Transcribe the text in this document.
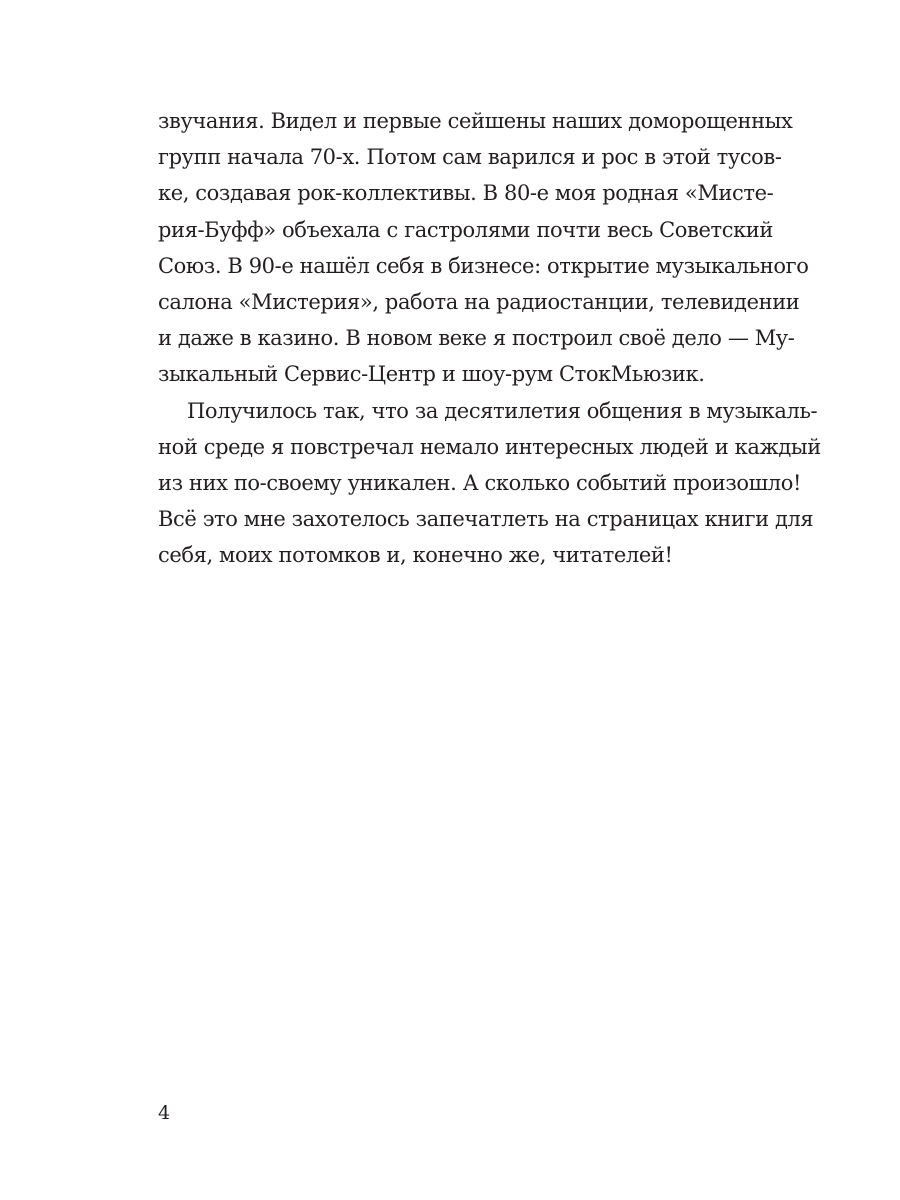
звучания. Видел и первые сейшены наших доморощенных
групп начала 70-х. Потом сам варился и рос в этой тусов-
ке, создавая рок-коллективы. В 80-е моя родная «Мистe-
рия-Буфф» объехала с гастролями почти весь Советский
Союз. В 90-е нашёл себя в бизнесе: открытие музыкального
салона «Мистерия», работа на радиостанции, телевидении
и даже в казино. В новом веке я построил своё дело — Му-
зыкальный Сервис-Центр и шоу-рум СтокМьюзик.
Получилось так, что за десятилетия общения в музыкаль-
ной среде я повстречал немало интересных людей и каждый
из них по-своему уникален. А сколько событий произошло!
Всё это мне захотелось запечатлеть на страницах книги для
себя, моих потомков и, конечно же, читателей!
4
